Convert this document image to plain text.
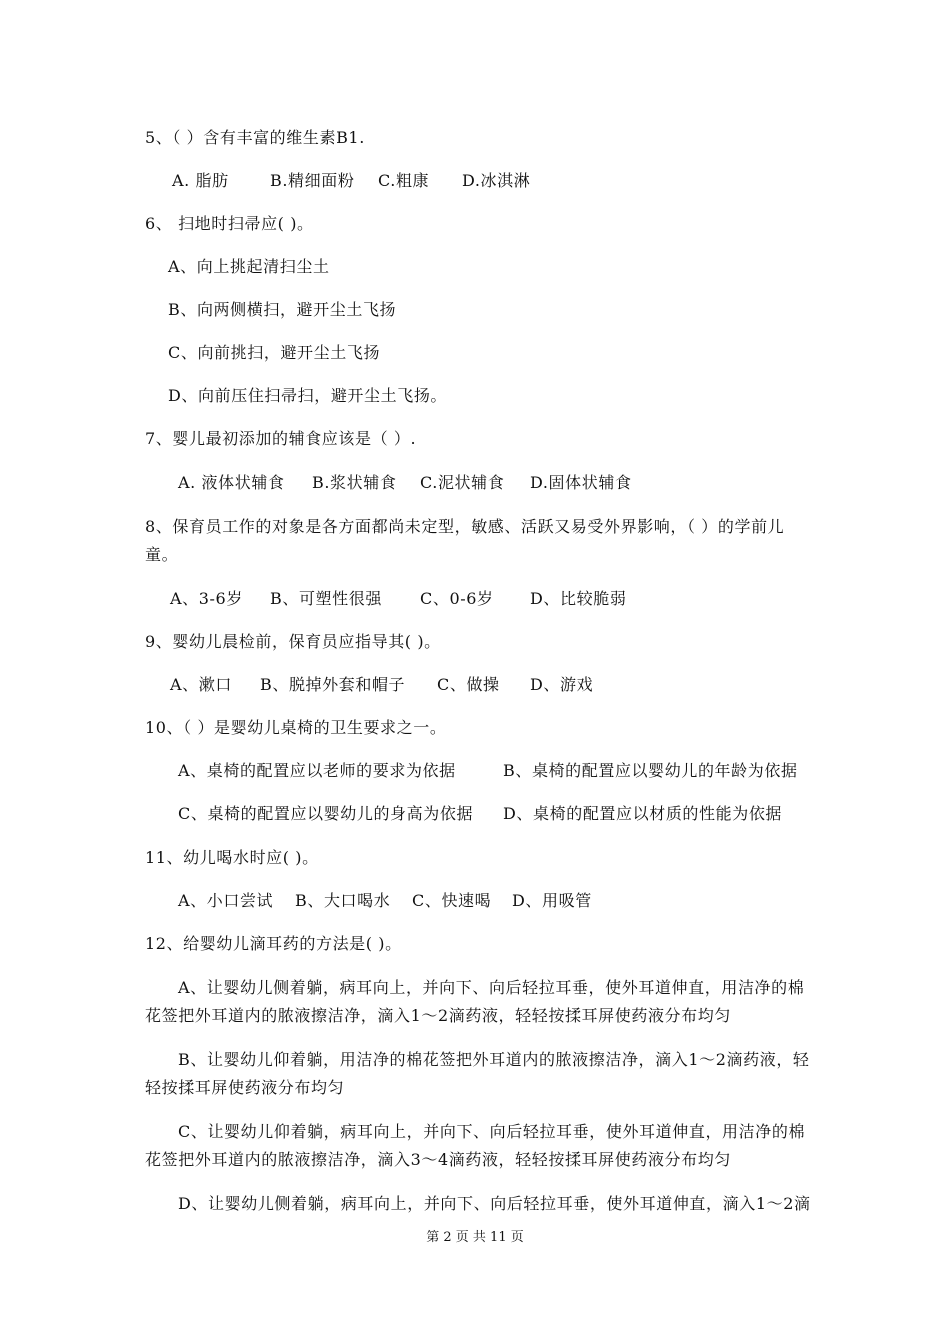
5、（ ）含有丰富的维生素B1.
A. 脂肪	B.精细面粉 C.粗康 D.冰淇淋
6、 扫地时扫帚应( )。
A、向上挑起清扫尘土
B、向两侧横扫，避开尘土飞扬
C、向前挑扫，避开尘土飞扬
D、向前压住扫帚扫，避开尘土飞扬。
7、婴儿最初添加的辅食应该是（ ）.
A. 液体状辅食 B.浆状辅食 C.泥状辅食 D.固体状辅食
8、保育员工作的对象是各方面都尚未定型，敏感、活跃又易受外界影响，（ ）的学前儿
童。
A、3-6岁 B、可塑性很强 C、0-6岁 D、比较脆弱
9、婴幼儿晨检前，保育员应指导其( )。
A、漱口 B、脱掉外套和帽子 C、做操 D、游戏
10、（ ）是婴幼儿桌椅的卫生要求之一。
A、桌椅的配置应以老师的要求为依据	B、桌椅的配置应以婴幼儿的年龄为依据
C、桌椅的配置应以婴幼儿的身高为依据 D、桌椅的配置应以材质的性能为依据
11、幼儿喝水时应( )。
A、小口尝试 B、大口喝水 C、快速喝 D、用吸管
12、给婴幼儿滴耳药的方法是( )。
A、让婴幼儿侧着躺，病耳向上，并向下、向后轻拉耳垂，使外耳道伸直，用洁净的棉
花签把外耳道内的脓液擦洁净，滴入1～2滴药液，轻轻按揉耳屏使药液分布均匀
B、让婴幼儿仰着躺，用洁净的棉花签把外耳道内的脓液擦洁净，滴入1～2滴药液，轻
轻按揉耳屏使药液分布均匀
C、让婴幼儿仰着躺，病耳向上，并向下、向后轻拉耳垂，使外耳道伸直，用洁净的棉
花签把外耳道内的脓液擦洁净，滴入3～4滴药液，轻轻按揉耳屏使药液分布均匀
D、让婴幼儿侧着躺，病耳向上，并向下、向后轻拉耳垂，使外耳道伸直，滴入1～2滴
第 2 页 共 11 页
